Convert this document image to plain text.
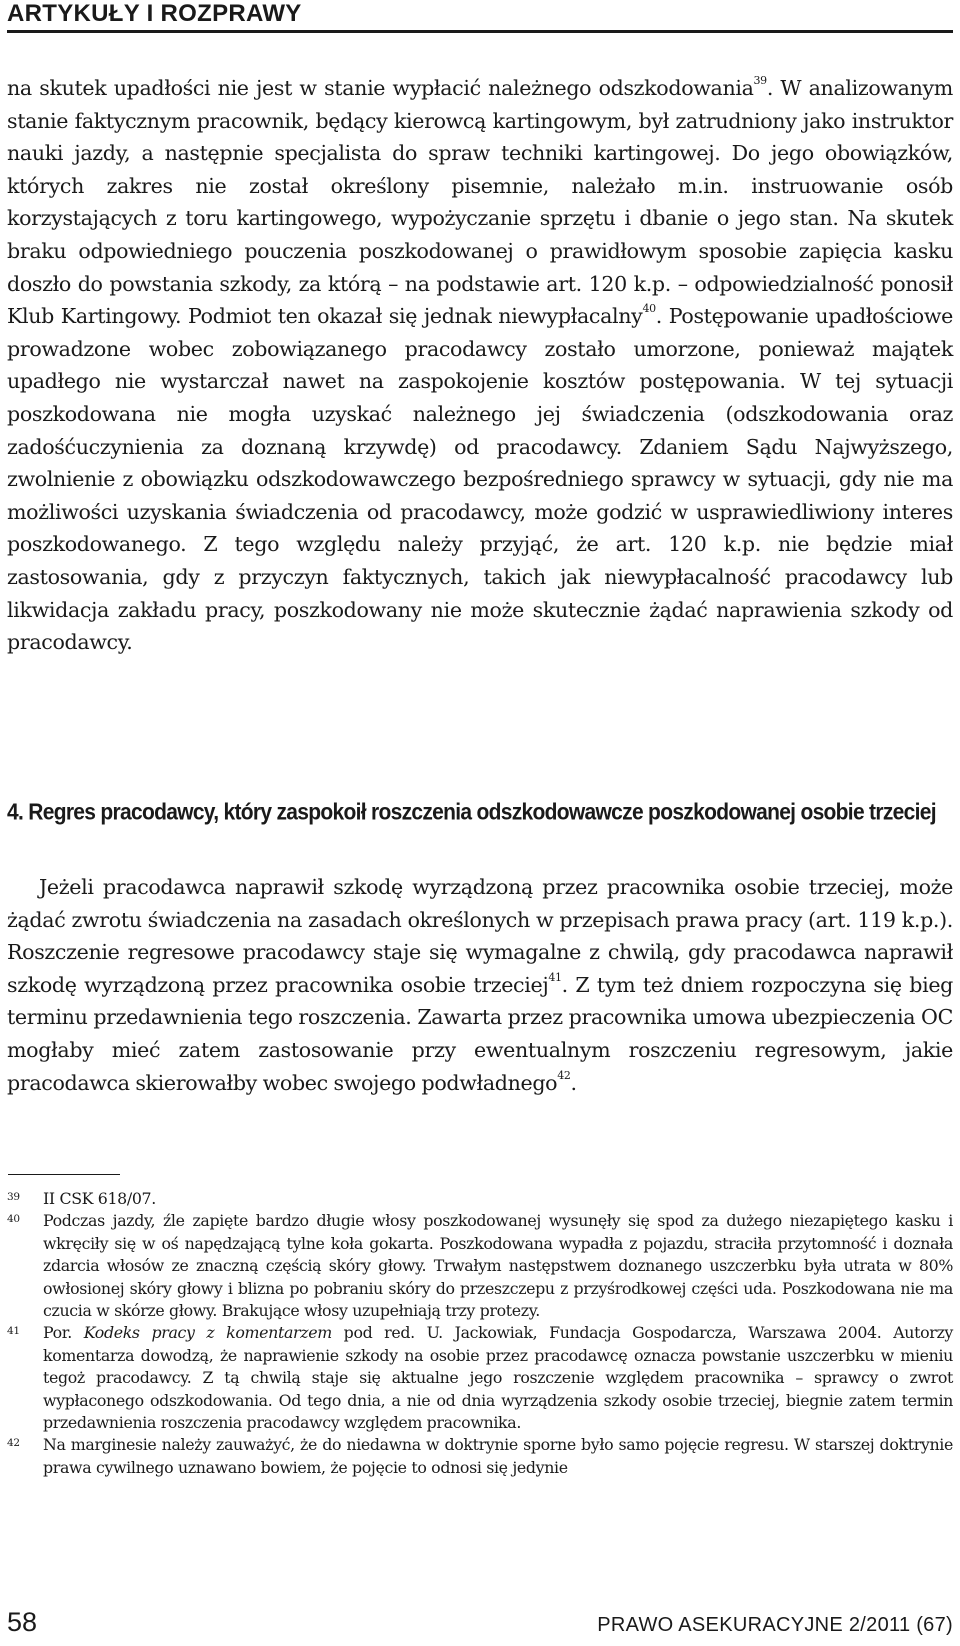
ARTYKUŁY I ROZPRAWY
na skutek upadłości nie jest w stanie wypłacić należnego odszkodowania$^{39}$. W analizowanym stanie faktycznym pracownik, będący kierowcą kartingowym, był zatrudniony jako instruktor nauki jazdy, a następnie specjalista do spraw techniki kartingowej. Do jego obowiązków, których zakres nie został określony pisemnie, należało m.in. instruowanie osób korzystających z toru kartingowego, wypożyczanie sprzętu i dbanie o jego stan. Na skutek braku odpowiedniego pouczenia poszkodowanej o prawidłowym sposobie zapięcia kasku doszło do powstania szkody, za którą – na podstawie art. 120 k.p. – odpowiedzialność ponosił Klub Kartingowy. Podmiot ten okazał się jednak niewypłacalny$^{40}$. Postępowanie upadłościowe prowadzone wobec zobowiązanego pracodawcy zostało umorzone, ponieważ majątek upadłego nie wystarczał nawet na zaspokojenie kosztów postępowania. W tej sytuacji poszkodowana nie mogła uzyskać należnego jej świadczenia (odszkodowania oraz zadośćuczynienia za doznaną krzywdę) od pracodawcy. Zdaniem Sądu Najwyższego, zwolnienie z obowiązku odszkodowawczego bezpośredniego sprawcy w sytuacji, gdy nie ma możliwości uzyskania świadczenia od pracodawcy, może godzić w usprawiedliwiony interes poszkodowanego. Z tego względu należy przyjąć, że art. 120 k.p. nie będzie miał zastosowania, gdy z przyczyn faktycznych, takich jak niewypłacalność pracodawcy lub likwidacja zakładu pracy, poszkodowany nie może skutecznie żądać naprawienia szkody od pracodawcy.
4. Regres pracodawcy, który zaspokoił roszczenia odszkodowawcze poszkodowanej osobie trzeciej
Jeżeli pracodawca naprawił szkodę wyrządzoną przez pracownika osobie trzeciej, może żądać zwrotu świadczenia na zasadach określonych w przepisach prawa pracy (art. 119 k.p.). Roszczenie regresowe pracodawcy staje się wymagalne z chwilą, gdy pracodawca naprawił szkodę wyrządzoną przez pracownika osobie trzeciej$^{41}$. Z tym też dniem rozpoczyna się bieg terminu przedawnienia tego roszczenia. Zawarta przez pracownika umowa ubezpieczenia OC mogłaby mieć zatem zastosowanie przy ewentualnym roszczeniu regresowym, jakie pracodawca skierowałby wobec swojego podwładnego$^{42}$.
39	II CSK 618/07.
40	Podczas jazdy, źle zapięte bardzo długie włosy poszkodowanej wysunęły się spod za dużego niezapiętego kasku i wkręciły się w oś napędzającą tylne koła gokarta. Poszkodowana wypadła z pojazdu, straciła przytomność i doznała zdarcia włosów ze znaczną częścią skóry głowy. Trwałym następstwem doznanego uszczerbku była utrata w 80% owłosionej skóry głowy i blizna po pobraniu skóry do przeszczepu z przyśrodkowej części uda. Poszkodowana nie ma czucia w skórze głowy. Brakujące włosy uzupełniają trzy protezy.
41	Por. Kodeks pracy z komentarzem pod red. U. Jackowiak, Fundacja Gospodarcza, Warszawa 2004. Autorzy komentarza dowodzą, że naprawienie szkody na osobie przez pracodawcę oznacza powstanie uszczerbku w mieniu tegoż pracodawcy. Z tą chwilą staje się aktualne jego roszczenie względem pracownika – sprawcy o zwrot wypłaconego odszkodowania. Od tego dnia, a nie od dnia wyrządzenia szkody osobie trzeciej, biegnie zatem termin przedawnienia roszczenia pracodawcy względem pracownika.
42	Na marginesie należy zauważyć, że do niedawna w doktrynie sporne było samo pojęcie regresu. W starszej doktrynie prawa cywilnego uznawano bowiem, że pojęcie to odnosi się jedynie
58	PRAWO ASEKURACYJNE 2/2011 (67)
